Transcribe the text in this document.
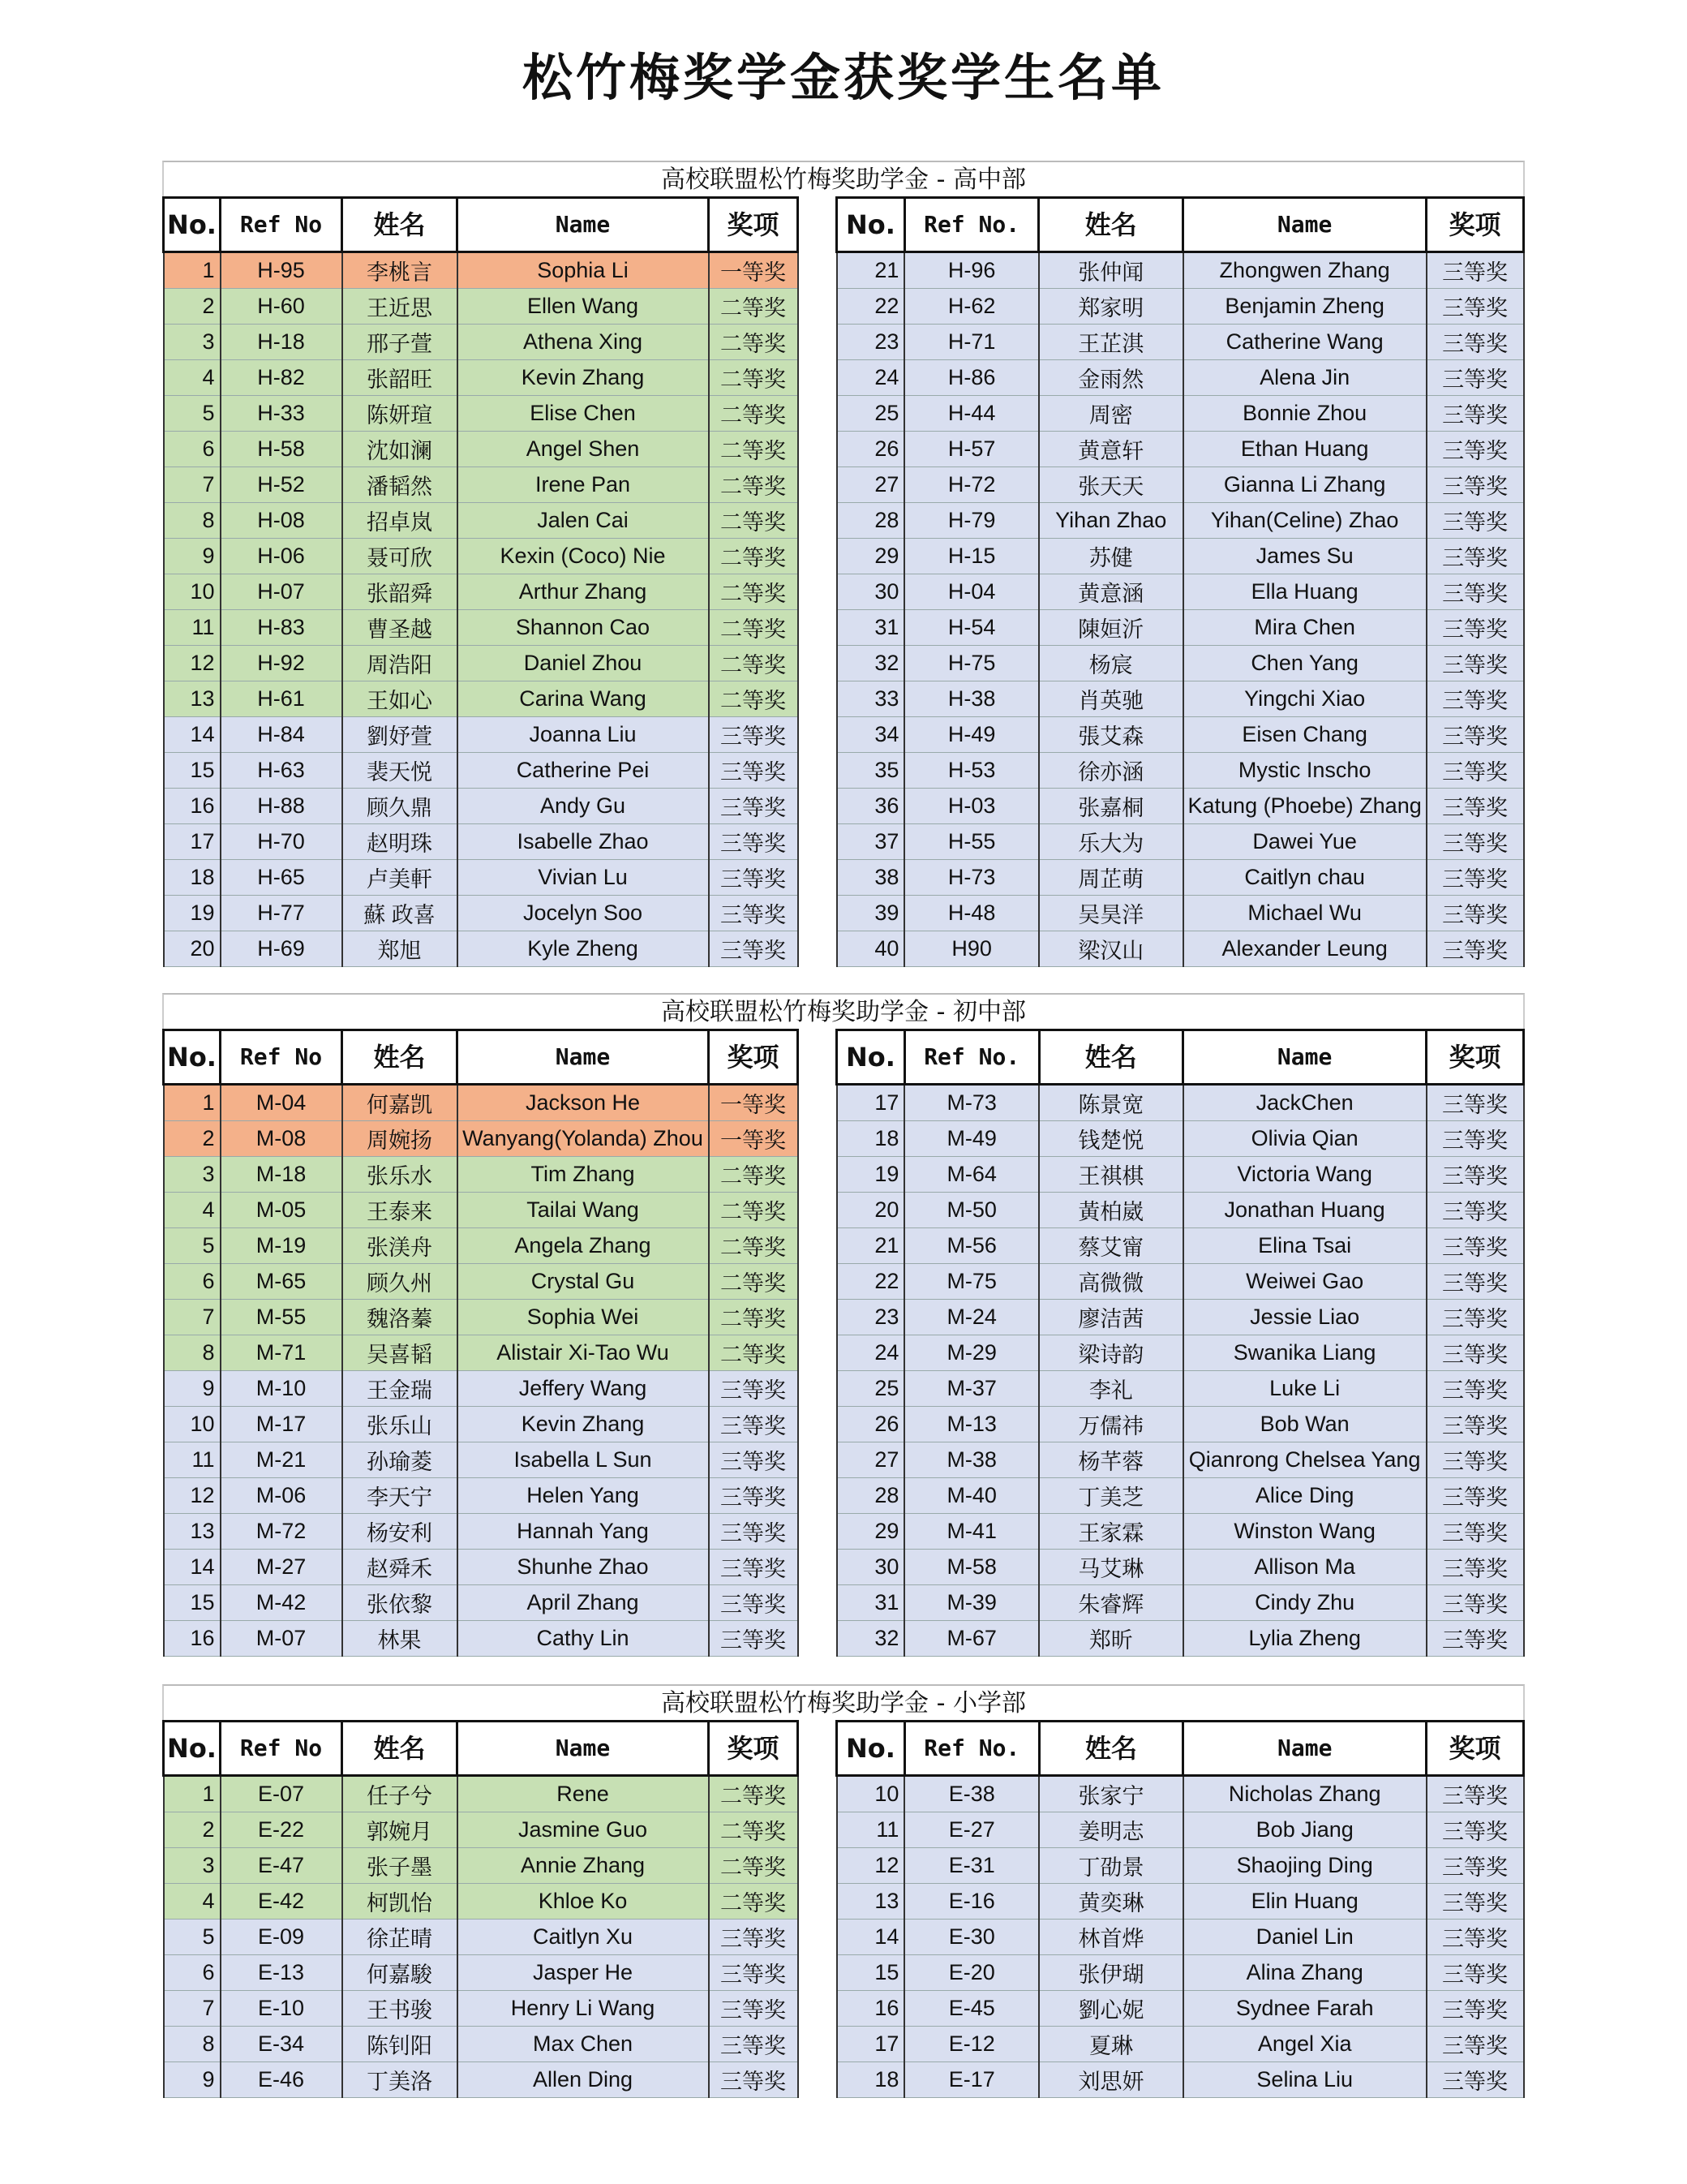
松竹梅奖学金获奖学生名单
高校联盟松竹梅奖助学金 - 高中部
No.	Ref No	姓名	Name	奖项
1	H-95	李桃言	Sophia Li	一等奖
2	H-60	王近思	Ellen Wang	二等奖
3	H-18	邢子萱	Athena Xing	二等奖
4	H-82	张韶旺	Kevin Zhang	二等奖
5	H-33	陈妍瑄	Elise Chen	二等奖
6	H-58	沈如澜	Angel Shen	二等奖
7	H-52	潘韬然	Irene Pan	二等奖
8	H-08	招卓岚	Jalen Cai	二等奖
9	H-06	聂可欣	Kexin (Coco) Nie	二等奖
10	H-07	张韶舜	Arthur Zhang	二等奖
11	H-83	曹圣越	Shannon Cao	二等奖
12	H-92	周浩阳	Daniel Zhou	二等奖
13	H-61	王如心	Carina Wang	二等奖
14	H-84	劉妤萱	Joanna Liu	三等奖
15	H-63	裴天悦	Catherine Pei	三等奖
16	H-88	顾久鼎	Andy Gu	三等奖
17	H-70	赵明珠	Isabelle Zhao	三等奖
18	H-65	卢美軒	Vivian Lu	三等奖
19	H-77	蘇 政喜	Jocelyn Soo	三等奖
20	H-69	郑旭	Kyle Zheng	三等奖
No.	Ref No.	姓名	Name	奖项
21	H-96	张仲闻	Zhongwen Zhang	三等奖
22	H-62	郑家明	Benjamin Zheng	三等奖
23	H-71	王芷淇	Catherine Wang	三等奖
24	H-86	金雨然	Alena Jin	三等奖
25	H-44	周密	Bonnie Zhou	三等奖
26	H-57	黄意轩	Ethan Huang	三等奖
27	H-72	张天天	Gianna Li Zhang	三等奖
28	H-79	Yihan Zhao	Yihan(Celine) Zhao	三等奖
29	H-15	苏健	James Su	三等奖
30	H-04	黄意涵	Ella Huang	三等奖
31	H-54	陳姮沂	Mira Chen	三等奖
32	H-75	杨宸	Chen Yang	三等奖
33	H-38	肖英驰	Yingchi Xiao	三等奖
34	H-49	張艾森	Eisen Chang	三等奖
35	H-53	徐亦涵	Mystic Inscho	三等奖
36	H-03	张嘉桐	Katung (Phoebe) Zhang	三等奖
37	H-55	乐大为	Dawei Yue	三等奖
38	H-73	周芷萌	Caitlyn chau	三等奖
39	H-48	吴昊洋	Michael Wu	三等奖
40	H90	梁汉山	Alexander Leung	三等奖
高校联盟松竹梅奖助学金 - 初中部
No.	Ref No	姓名	Name	奖项
1	M-04	何嘉凯	Jackson He	一等奖
2	M-08	周婉扬	Wanyang(Yolanda) Zhou	一等奖
3	M-18	张乐水	Tim Zhang	二等奖
4	M-05	王泰来	Tailai Wang	二等奖
5	M-19	张渼舟	Angela Zhang	二等奖
6	M-65	顾久州	Crystal Gu	二等奖
7	M-55	魏洛蓁	Sophia Wei	二等奖
8	M-71	吴喜韬	Alistair Xi-Tao Wu	二等奖
9	M-10	王金瑞	Jeffery Wang	三等奖
10	M-17	张乐山	Kevin Zhang	三等奖
11	M-21	孙瑜菱	Isabella L Sun	三等奖
12	M-06	李天宁	Helen Yang	三等奖
13	M-72	杨安利	Hannah Yang	三等奖
14	M-27	赵舜禾	Shunhe Zhao	三等奖
15	M-42	张依黎	April Zhang	三等奖
16	M-07	林果	Cathy Lin	三等奖
No.	Ref No.	姓名	Name	奖项
17	M-73	陈景宽	JackChen	三等奖
18	M-49	钱楚悦	Olivia Qian	三等奖
19	M-64	王祺棋	Victoria Wang	三等奖
20	M-50	黃柏崴	Jonathan Huang	三等奖
21	M-56	蔡艾甯	Elina Tsai	三等奖
22	M-75	高微微	Weiwei Gao	三等奖
23	M-24	廖洁茜	Jessie Liao	三等奖
24	M-29	梁诗韵	Swanika Liang	三等奖
25	M-37	李礼	Luke Li	三等奖
26	M-13	万儒祎	Bob Wan	三等奖
27	M-38	杨芊蓉	Qianrong Chelsea Yang	三等奖
28	M-40	丁美芝	Alice Ding	三等奖
29	M-41	王家霖	Winston Wang	三等奖
30	M-58	马艾琳	Allison Ma	三等奖
31	M-39	朱睿辉	Cindy Zhu	三等奖
32	M-67	郑昕	Lylia Zheng	三等奖
高校联盟松竹梅奖助学金 - 小学部
No.	Ref No	姓名	Name	奖项
1	E-07	任子兮	Rene	二等奖
2	E-22	郭婉月	Jasmine Guo	二等奖
3	E-47	张子墨	Annie Zhang	二等奖
4	E-42	柯凯怡	Khloe Ko	二等奖
5	E-09	徐芷晴	Caitlyn Xu	三等奖
6	E-13	何嘉駿	Jasper He	三等奖
7	E-10	王书骏	Henry Li Wang	三等奖
8	E-34	陈钊阳	Max Chen	三等奖
9	E-46	丁美洛	Allen Ding	三等奖
No.	Ref No.	姓名	Name	奖项
10	E-38	张家宁	Nicholas Zhang	三等奖
11	E-27	姜明志	Bob Jiang	三等奖
12	E-31	丁劭景	Shaojing Ding	三等奖
13	E-16	黄奕琳	Elin Huang	三等奖
14	E-30	林首烨	Daniel Lin	三等奖
15	E-20	张伊瑚	Alina Zhang	三等奖
16	E-45	劉心妮	Sydnee Farah	三等奖
17	E-12	夏琳	Angel Xia	三等奖
18	E-17	刘思妍	Selina Liu	三等奖
